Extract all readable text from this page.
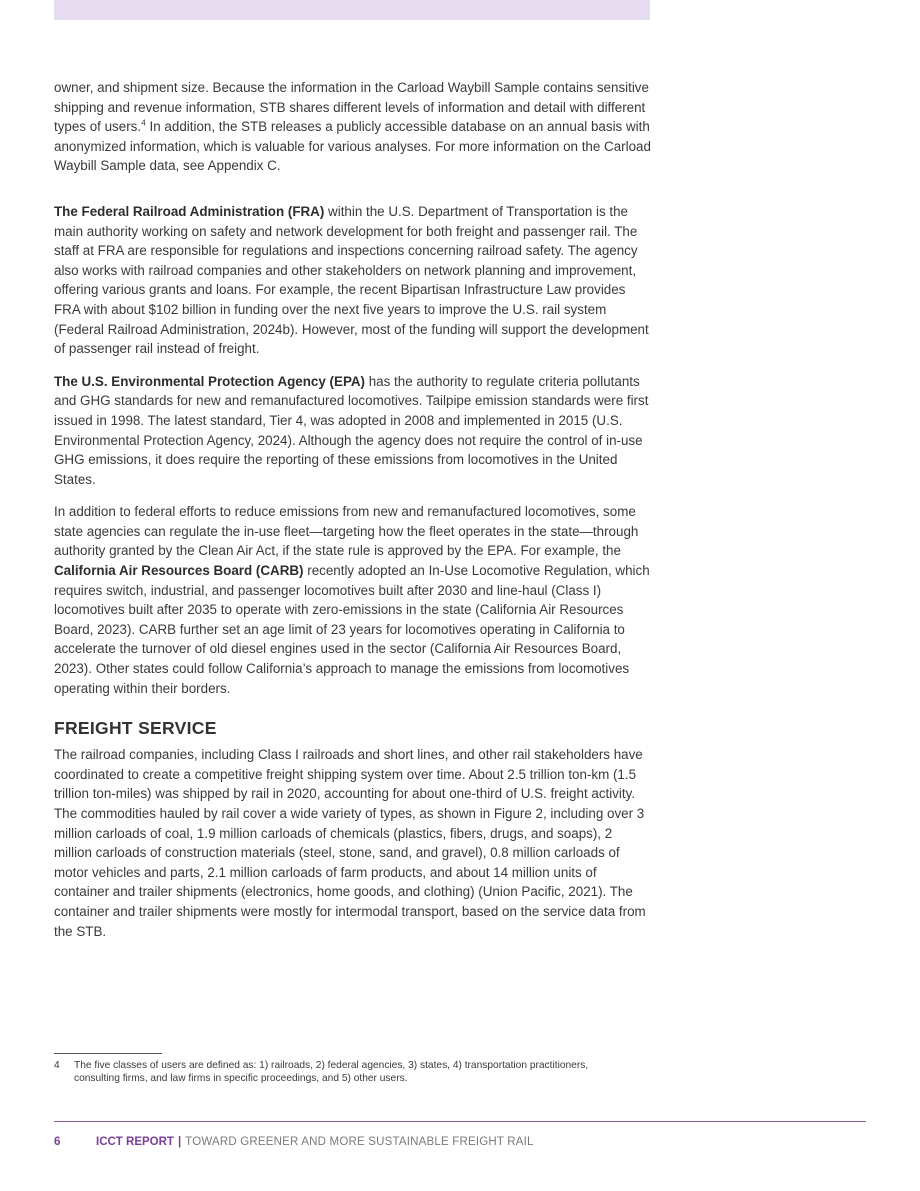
owner, and shipment size. Because the information in the Carload Waybill Sample contains sensitive shipping and revenue information, STB shares different levels of information and detail with different types of users.$^4$ In addition, the STB releases a publicly accessible database on an annual basis with anonymized information, which is valuable for various analyses. For more information on the Carload Waybill Sample data, see Appendix C.

The Federal Railroad Administration (FRA) within the U.S. Department of Transportation is the main authority working on safety and network development for both freight and passenger rail. The staff at FRA are responsible for regulations and inspections concerning railroad safety. The agency also works with railroad companies and other stakeholders on network planning and improvement, offering various grants and loans. For example, the recent Bipartisan Infrastructure Law provides FRA with about $102 billion in funding over the next five years to improve the U.S. rail system (Federal Railroad Administration, 2024b). However, most of the funding will support the development of passenger rail instead of freight.

The U.S. Environmental Protection Agency (EPA) has the authority to regulate criteria pollutants and GHG standards for new and remanufactured locomotives. Tailpipe emission standards were first issued in 1998. The latest standard, Tier 4, was adopted in 2008 and implemented in 2015 (U.S. Environmental Protection Agency, 2024). Although the agency does not require the control of in-use GHG emissions, it does require the reporting of these emissions from locomotives in the United States.

In addition to federal efforts to reduce emissions from new and remanufactured locomotives, some state agencies can regulate the in-use fleet—targeting how the fleet operates in the state—through authority granted by the Clean Air Act, if the state rule is approved by the EPA. For example, the California Air Resources Board (CARB) recently adopted an In-Use Locomotive Regulation, which requires switch, industrial, and passenger locomotives built after 2030 and line-haul (Class I) locomotives built after 2035 to operate with zero-emissions in the state (California Air Resources Board, 2023). CARB further set an age limit of 23 years for locomotives operating in California to accelerate the turnover of old diesel engines used in the sector (California Air Resources Board, 2023). Other states could follow California’s approach to manage the emissions from locomotives operating within their borders.

FREIGHT SERVICE

The railroad companies, including Class I railroads and short lines, and other rail stakeholders have coordinated to create a competitive freight shipping system over time. About 2.5 trillion ton-km (1.5 trillion ton-miles) was shipped by rail in 2020, accounting for about one-third of U.S. freight activity. The commodities hauled by rail cover a wide variety of types, as shown in Figure 2, including over 3 million carloads of coal, 1.9 million carloads of chemicals (plastics, fibers, drugs, and soaps), 2 million carloads of construction materials (steel, stone, sand, and gravel), 0.8 million carloads of motor vehicles and parts, 2.1 million carloads of farm products, and about 14 million units of container and trailer shipments (electronics, home goods, and clothing) (Union Pacific, 2021). The container and trailer shipments were mostly for intermodal transport, based on the service data from the STB.

4	The five classes of users are defined as: 1) railroads, 2) federal agencies, 3) states, 4) transportation practitioners, consulting firms, and law firms in specific proceedings, and 5) other users.
6	ICCT REPORT | TOWARD GREENER AND MORE SUSTAINABLE FREIGHT RAIL
